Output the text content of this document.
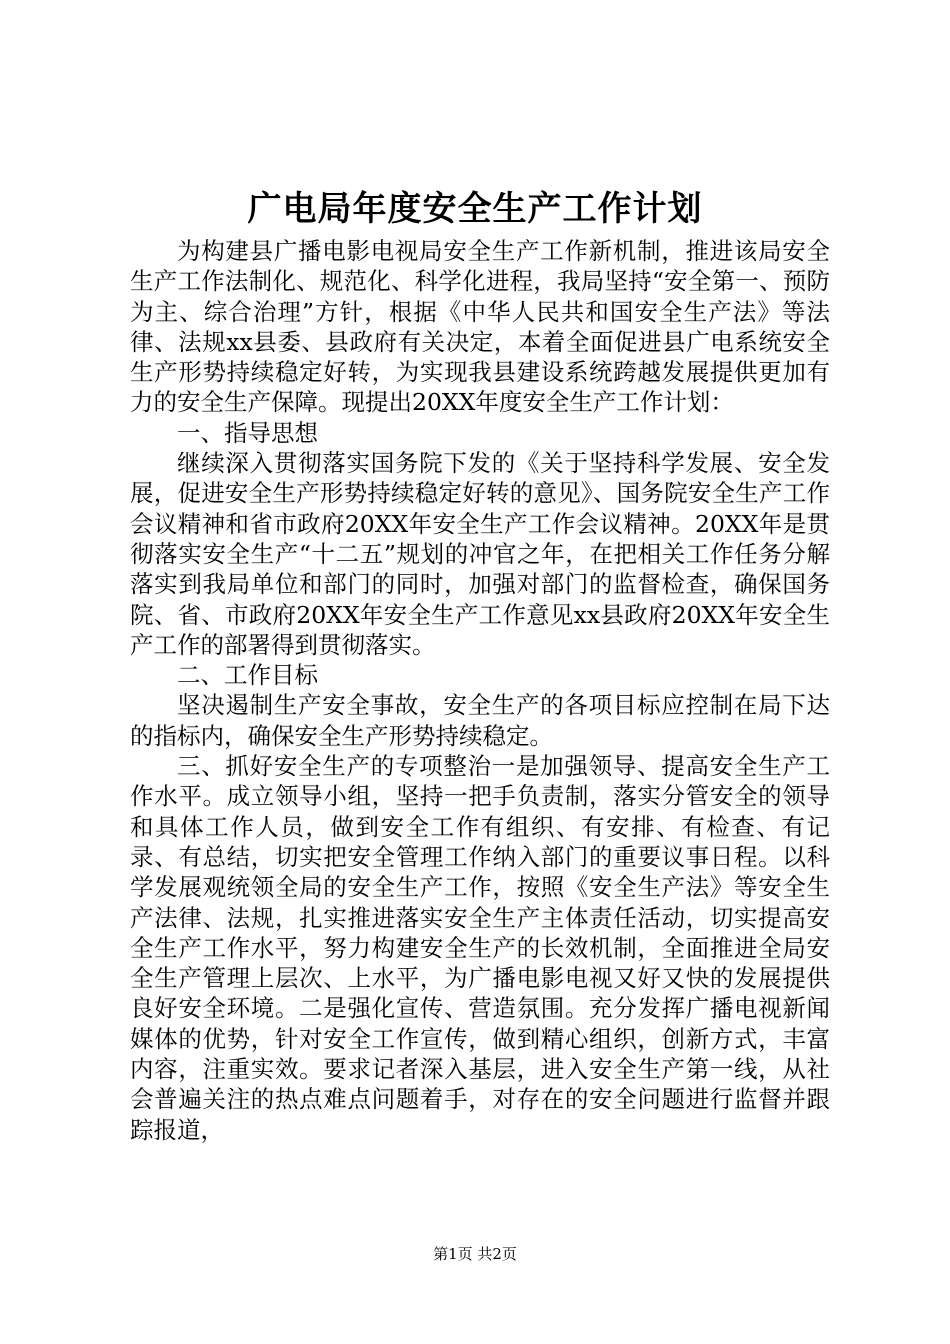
广电局年度安全生产工作计划

为构建县广播电影电视局安全生产工作新机制，推进该局安全生产工作法制化、规范化、科学化进程，我局坚持“安全第一、预防为主、综合治理”方针，根据《中华人民共和国安全生产法》等法律、法规xx县委、县政府有关决定，本着全面促进县广电系统安全生产形势持续稳定好转，为实现我县建设系统跨越发展提供更加有力的安全生产保障。现提出20XX年度安全生产工作计划：

一、指导思想

继续深入贯彻落实国务院下发的《关于坚持科学发展、安全发展，促进安全生产形势持续稳定好转的意见》、国务院安全生产工作会议精神和省市政府20XX年安全生产工作会议精神。20XX年是贯彻落实安全生产“十二五”规划的冲官之年，在把相关工作任务分解落实到我局单位和部门的同时，加强对部门的监督检查，确保国务院、省、市政府20XX年安全生产工作意见xx县政府20XX年安全生产工作的部署得到贯彻落实。

二、工作目标

坚决遏制生产安全事故，安全生产的各项目标应控制在局下达的指标内，确保安全生产形势持续稳定。

三、抓好安全生产的专项整治一是加强领导、提高安全生产工作水平。成立领导小组，坚持一把手负责制，落实分管安全的领导和具体工作人员，做到安全工作有组织、有安排、有检查、有记录、有总结，切实把安全管理工作纳入部门的重要议事日程。以科学发展观统领全局的安全生产工作，按照《安全生产法》等安全生产法律、法规，扎实推进落实安全生产主体责任活动，切实提高安全生产工作水平，努力构建安全生产的长效机制，全面推进全局安全生产管理上层次、上水平，为广播电影电视又好又快的发展提供良好安全环境。二是强化宣传、营造氛围。充分发挥广播电视新闻媒体的优势，针对安全工作宣传，做到精心组织，创新方式，丰富内容，注重实效。要求记者深入基层，进入安全生产第一线，从社会普遍关注的热点难点问题着手，对存在的安全问题进行监督并跟踪报道，

第1页 共2页
